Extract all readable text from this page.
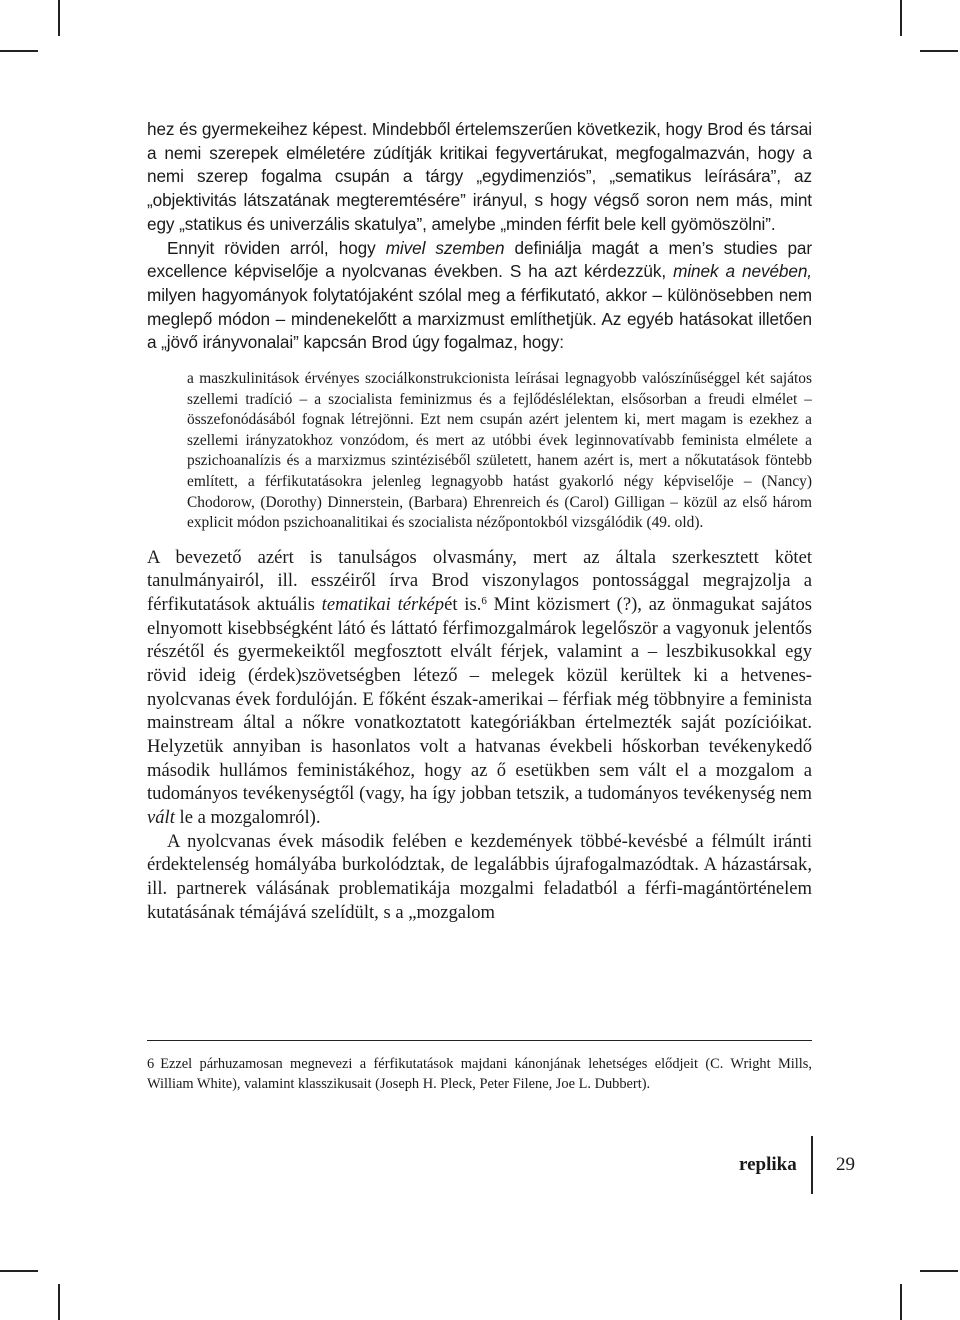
hez és gyermekeihez képest. Mindebből értelemszerűen következik, hogy Brod és társai a nemi szerepek elméletére zúdítják kritikai fegyvertárukat, megfogalmazván, hogy a nemi szerep fogalma csupán a tárgy „egydimenziós”, „sematikus leírására”, az „objektivitás látszatának megteremtésére” irányul, s hogy végső soron nem más, mint egy „statikus és univerzális skatulya”, amelybe „minden férfit bele kell gyömöszölni”.

Ennyit röviden arról, hogy mivel szemben definiálja magát a men’s studies par excellence képviselője a nyolcvanas években. S ha azt kérdezzük, minek a nevében, milyen hagyományok folytatójaként szólal meg a férfikutató, akkor – különösebben nem meglepő módon – mindenekelőtt a marxizmust említhetjük. Az egyéb hatásokat illetően a „jövő irányvonalai” kapcsán Brod úgy fogalmaz, hogy:

a maszkulinitások érvényes szociálkonstrukcionista leírásai legnagyobb valószínűséggel két sajátos szellemi tradíció – a szocialista feminizmus és a fejlődéslélektan, elsősorban a freudi elmélet – összefonódásából fognak létrejönni. Ezt nem csupán azért jelentem ki, mert magam is ezekhez a szellemi irányzatokhoz vonzódom, és mert az utóbbi évek leginnovatívabb feminista elmélete a pszichoanalízis és a marxizmus szintéziséből született, hanem azért is, mert a nőkutatások föntebb említett, a férfikutatásokra jelenleg legnagyobb hatást gyakorló négy képviselője – (Nancy) Chodorow, (Dorothy) Dinnerstein, (Barbara) Ehrenreich és (Carol) Gilligan – közül az első három explicit módon pszichoanalitikai és szocialista nézőpontokból vizsgálódik (49. old).

A bevezető azért is tanulságos olvasmány, mert az általa szerkesztett kötet tanulmányairól, ill. esszéiről írva Brod viszonylagos pontossággal megrajzolja a férfikutatások aktuális tematikai térképét is.$^6$ Mint közismert (?), az önmagukat sajátos elnyomott kisebbségként látó és láttató férfimozgalmárok legelőször a vagyonuk jelentős részétől és gyermekeiktől megfosztott elvált férjek, valamint a – leszbikusokkal egy rövid ideig (érdek)szövetségben létező – melegek közül kerültek ki a hetvenes-nyolcvanas évek fordulóján. E főként észak-amerikai – férfiak még többnyire a feminista mainstream által a nőkre vonatkoztatott kategóriákban értelmezték saját pozícióikat. Helyzetük annyiban is hasonlatos volt a hatvanas évekbeli hőskorban tevékenykedő második hullámos feministákéhoz, hogy az ő esetükben sem vált el a mozgalom a tudományos tevékenységtől (vagy, ha így jobban tetszik, a tudományos tevékenység nem vált le a mozgalomról).

A nyolcvanas évek második felében e kezdemények többé-kevésbé a félmúlt iránti érdektelenség homályába burkolództak, de legalábbis újrafogalmazódtak. A házastársak, ill. partnerek válásának problematikája mozgalmi feladatból a férfi-magántörténelem kutatásának témájává szelídült, s a „mozgalom

6 Ezzel párhuzamosan megnevezi a férfikutatások majdani kánonjának lehetséges elődjeit (C. Wright Mills, William White), valamint klasszikusait (Joseph H. Pleck, Peter Filene, Joe L. Dubbert).

replika 29
